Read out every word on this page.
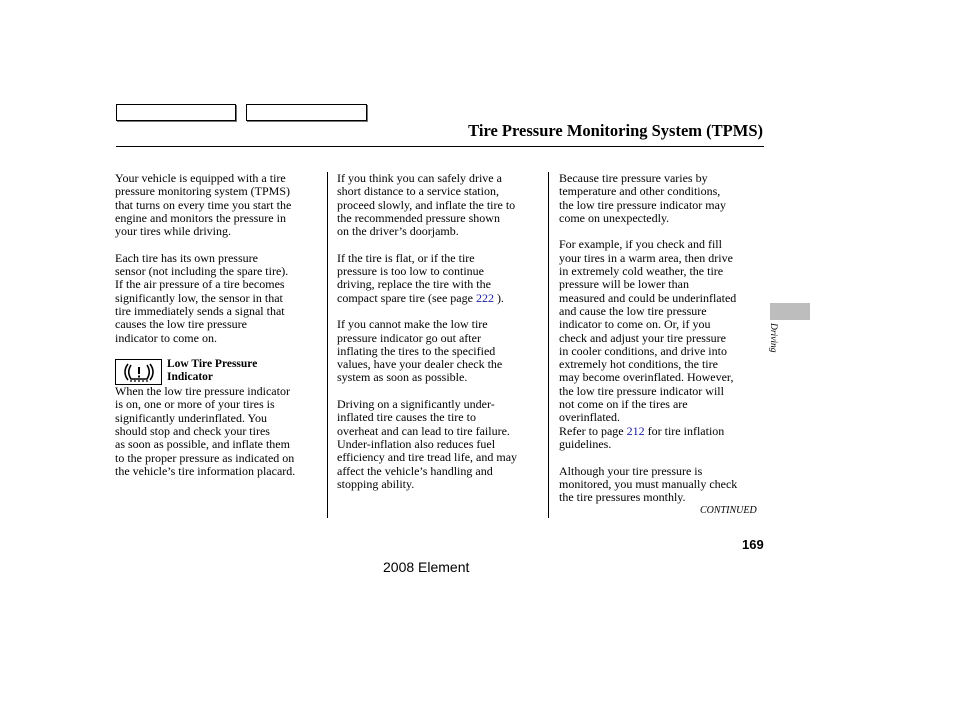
Tire Pressure Monitoring System (TPMS)

Your vehicle is equipped with a tire
pressure monitoring system (TPMS)
that turns on every time you start the
engine and monitors the pressure in
your tires while driving.

Each tire has its own pressure
sensor (not including the spare tire).
If the air pressure of a tire becomes
significantly low, the sensor in that
tire immediately sends a signal that
causes the low tire pressure
indicator to come on.

Low Tire Pressure
Indicator

When the low tire pressure indicator
is on, one or more of your tires is
significantly underinflated. You
should stop and check your tires
as soon as possible, and inflate them
to the proper pressure as indicated on
the vehicle’s tire information placard.

If you think you can safely drive a
short distance to a service station,
proceed slowly, and inflate the tire to
the recommended pressure shown
on the driver’s doorjamb.

If the tire is flat, or if the tire
pressure is too low to continue
driving, replace the tire with the
compact spare tire (see page 222 ).

If you cannot make the low tire
pressure indicator go out after
inflating the tires to the specified
values, have your dealer check the
system as soon as possible.

Driving on a significantly under-
inflated tire causes the tire to
overheat and can lead to tire failure.
Under-inflation also reduces fuel
efficiency and tire tread life, and may
affect the vehicle’s handling and
stopping ability.

Because tire pressure varies by
temperature and other conditions,
the low tire pressure indicator may
come on unexpectedly.

For example, if you check and fill
your tires in a warm area, then drive
in extremely cold weather, the tire
pressure will be lower than
measured and could be underinflated
and cause the low tire pressure
indicator to come on. Or, if you
check and adjust your tire pressure
in cooler conditions, and drive into
extremely hot conditions, the tire
may become overinflated. However,
the low tire pressure indicator will
not come on if the tires are
overinflated.

Refer to page 212 for tire inflation
guidelines.

Although your tire pressure is
monitored, you must manually check
the tire pressures monthly.

CONTINUED
169
2008 Element
Driving
